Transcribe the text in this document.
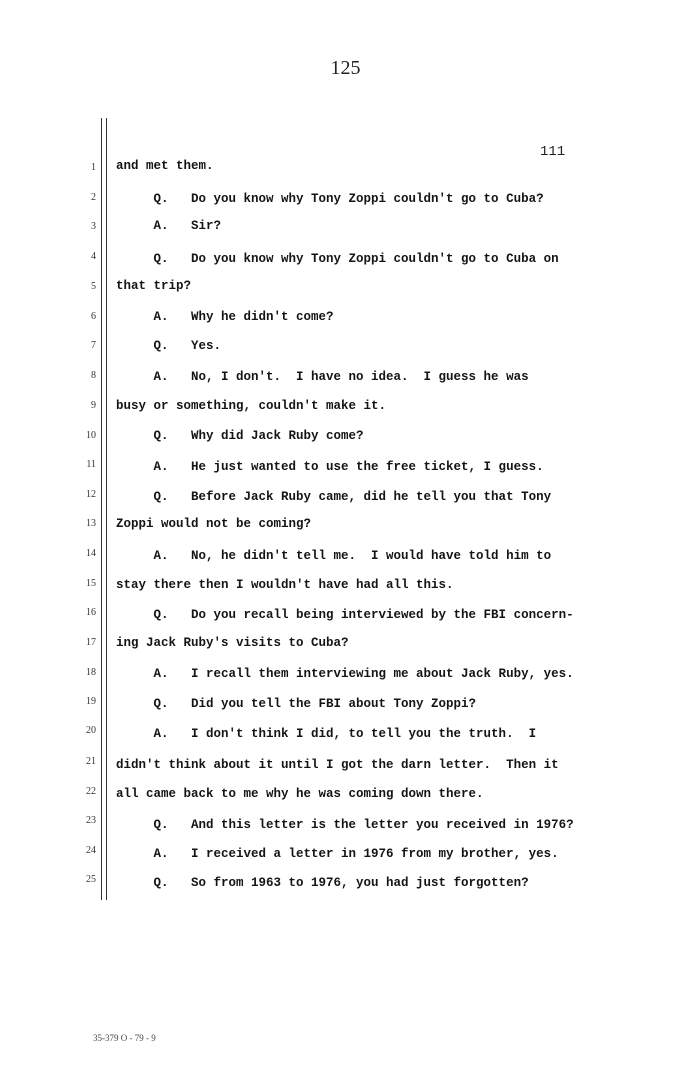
125
111
1
2
3
4
5
6
7
8
9
10
11
12
13
14
15
16
17
18
19
20
21
22
23
24
25
and met them.
Q.   Do you know why Tony Zoppi couldn't go to Cuba?
A.   Sir?
Q.   Do you know why Tony Zoppi couldn't go to Cuba on
that trip?
A.   Why he didn't come?
Q.   Yes.
A.   No, I don't.  I have no idea.  I guess he was
busy or something, couldn't make it.
Q.   Why did Jack Ruby come?
A.   He just wanted to use the free ticket, I guess.
Q.   Before Jack Ruby came, did he tell you that Tony
Zoppi would not be coming?
A.   No, he didn't tell me.  I would have told him to
stay there then I wouldn't have had all this.
Q.   Do you recall being interviewed by the FBI concern-
ing Jack Ruby's visits to Cuba?
A.   I recall them interviewing me about Jack Ruby, yes.
Q.   Did you tell the FBI about Tony Zoppi?
A.   I don't think I did, to tell you the truth.  I
didn't think about it until I got the darn letter.  Then it
all came back to me why he was coming down there.
Q.   And this letter is the letter you received in 1976?
A.   I received a letter in 1976 from my brother, yes.
Q.   So from 1963 to 1976, you had just forgotten?
35-379 O - 79 - 9
